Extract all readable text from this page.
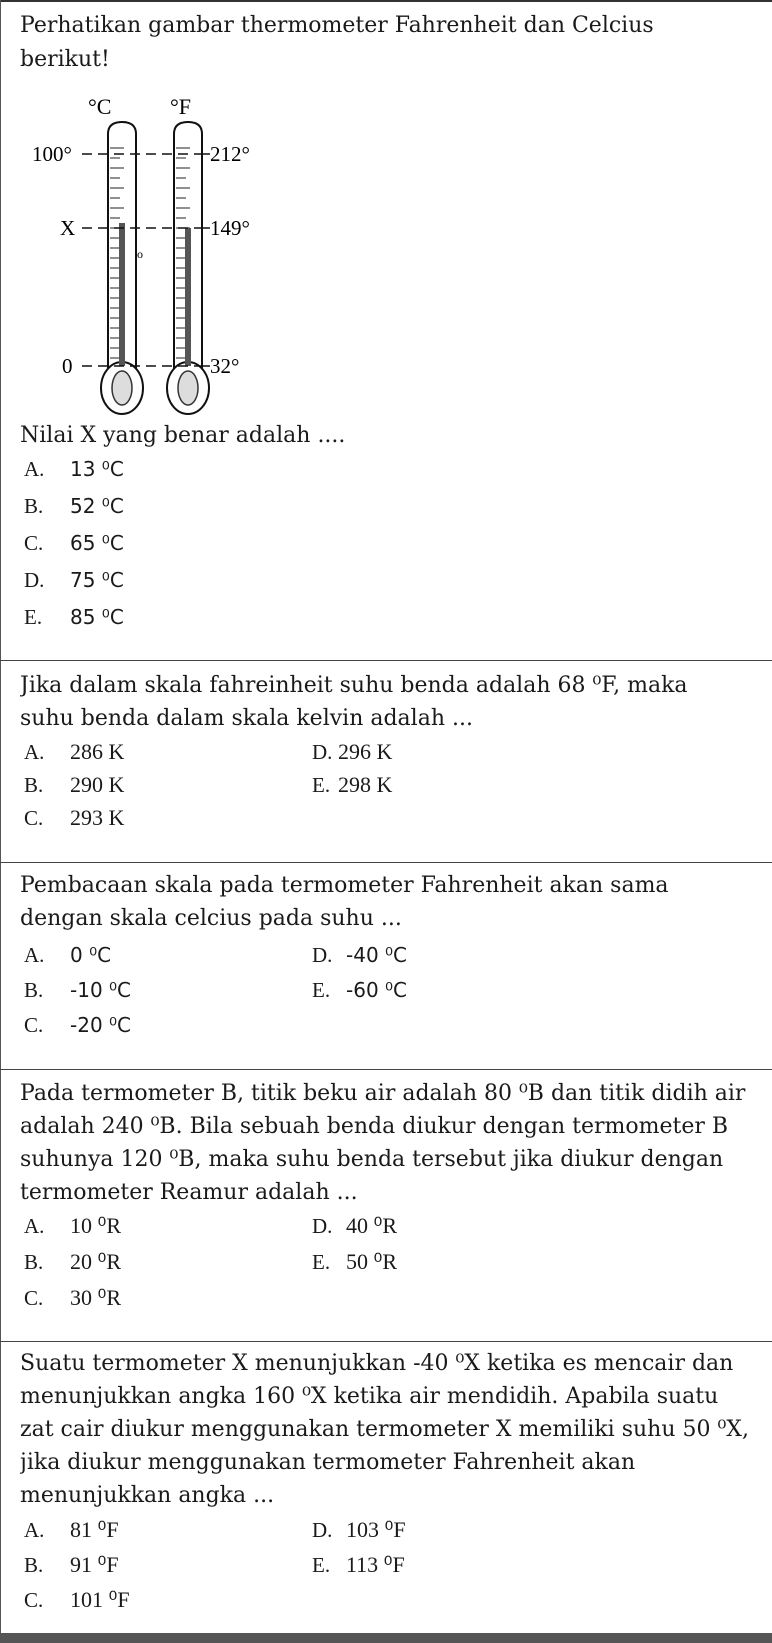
Perhatikan gambar thermometer Fahrenheit dan Celcius
berikut!
°C	°F
100°
X
0
212°
149°
32°
o
Nilai X yang benar adalah ....
A. 13 ⁰C
B. 52 ⁰C
C. 65 ⁰C
D. 75 ⁰C
E. 85 ⁰C
Jika dalam skala fahreinheit suhu benda adalah 68 ⁰F, maka
suhu benda dalam skala kelvin adalah ...
A. 286 K	D. 296 K
B. 290 K	E. 298 K
C. 293 K
Pembacaan skala pada termometer Fahrenheit akan sama
dengan skala celcius pada suhu ...
A. 0 ⁰C	D. -40 ⁰C
B. -10 ⁰C	E. -60 ⁰C
C. -20 ⁰C
Pada termometer B, titik beku air adalah 80 ⁰B dan titik didih air
adalah 240 ⁰B. Bila sebuah benda diukur dengan termometer B
suhunya 120 ⁰B, maka suhu benda tersebut jika diukur dengan
termometer Reamur adalah ...
A. 10 ⁰R	D. 40 ⁰R
B. 20 ⁰R	E. 50 ⁰R
C. 30 ⁰R
Suatu termometer X menunjukkan -40 ⁰X ketika es mencair dan
menunjukkan angka 160 ⁰X ketika air mendidih. Apabila suatu
zat cair diukur menggunakan termometer X memiliki suhu 50 ⁰X,
jika diukur menggunakan termometer Fahrenheit akan
menunjukkan angka ...
A. 81 ⁰F	D. 103 ⁰F
B. 91 ⁰F	E. 113 ⁰F
C. 101 ⁰F
